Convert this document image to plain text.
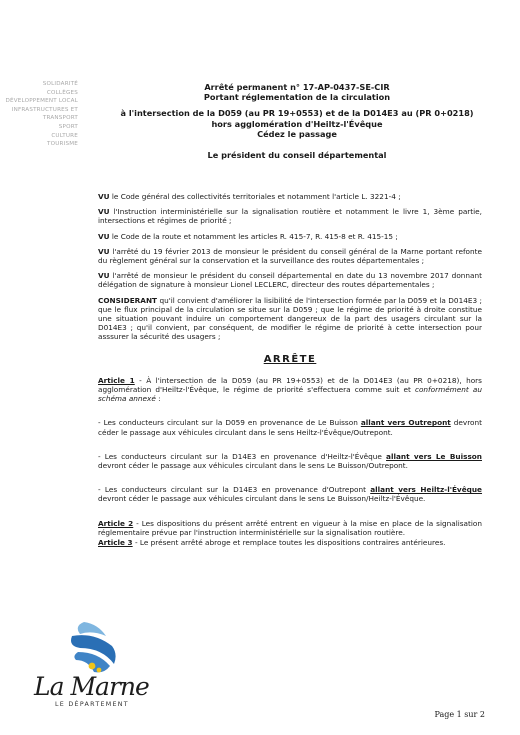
SOLIDARITÉ
COLLÈGES
DÉVELOPPEMENT LOCAL
INFRASTRUCTURES ET TRANSPORT
SPORT
CULTURE
TOURISME
Arrêté permanent n° 17-AP-0437-SE-CIR
Portant réglementation de la circulation
à l'intersection de la D059 (au PR 19+0553) et de la D014E3 au (PR 0+0218)
hors agglomération d'Heiltz-l'Évêque
Cédez le passage
Le président du conseil départemental

VU le Code général des collectivités territoriales et notamment l'article L. 3221-4 ;

VU l'Instruction interministérielle sur la signalisation routière et notamment le livre 1, 3ème partie, intersections et régimes de priorité ;

VU le Code de la route et notamment les articles R. 415-7, R. 415-8 et R. 415-15 ;

VU l'arrêté du 19 février 2013 de monsieur le président du conseil général de la Marne portant refonte du règlement général sur la conservation et la surveillance des routes départementales ;

VU l'arrêté de monsieur le président du conseil départemental en date du 13 novembre 2017 donnant délégation de signature à monsieur Lionel LECLERC, directeur des routes départementales ;

CONSIDERANT qu'il convient d'améliorer la lisibilité de l'intersection formée par la D059 et la D014E3 ; que le flux principal de la circulation se situe sur la D059 ; que le régime de priorité à droite constitue une situation pouvant induire un comportement dangereux de la part des usagers circulant sur la D014E3 ; qu'il convient, par conséquent, de modifier le régime de priorité à cette intersection pour asssurer la sécurité des usagers ;

ARRÊTE

Article 1 - À l'intersection de la D059 (au PR 19+0553) et de la D014E3 (au PR 0+0218), hors agglomération d'Heiltz-l'Évêque, le régime de priorité s'effectuera comme suit et conformément au schéma annexé :

- Les conducteurs circulant sur la D059 en provenance de Le Buisson allant vers Outrepont devront céder le passage aux véhicules circulant dans le sens Heiltz-l'Évêque/Outrepont.

- Les conducteurs circulant sur la D14E3 en provenance d'Heiltz-l'Évêque allant vers Le Buisson devront céder le passage aux véhicules circulant dans le sens Le Buisson/Outrepont.

- Les conducteurs circulant sur la D14E3 en provenance d'Outrepont allant vers Heiltz-l'Évêque devront céder le passage aux véhicules circulant dans le sens Le Buisson/Heiltz-l'Évêque.

Article 2 - Les dispositions du présent arrêté entrent en vigueur à la mise en place de la signalisation réglementaire prévue par l'instruction interministérielle sur la signalisation routière.

Article 3 - Le présent arrêté abroge et remplace toutes les dispositions contraires antérieures.

La Marne
LE DÉPARTEMENT
Page 1 sur 2
